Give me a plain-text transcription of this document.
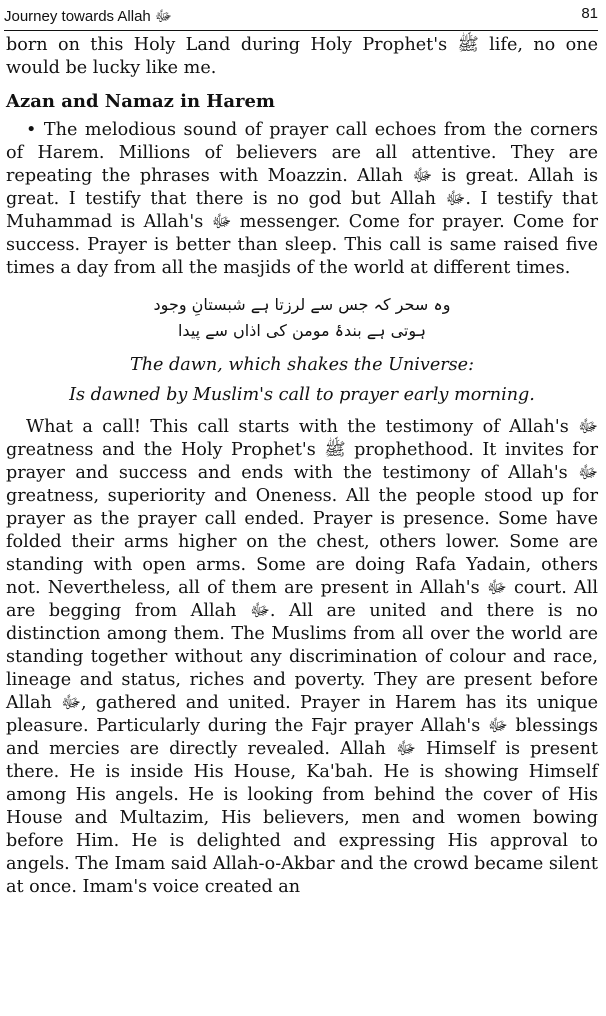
Journey towards Allah ﷻ	81

born on this Holy Land during Holy Prophet's ﷺ life, no one would be lucky like me.

Azan and Namaz in Harem

• The melodious sound of prayer call echoes from the corners of Harem. Millions of believers are all attentive. They are repeating the phrases with Moazzin. Allah ﷻ is great. Allah is great. I testify that there is no god but Allah ﷻ. I testify that Muhammad is Allah's ﷻ messenger. Come for prayer. Come for success. Prayer is better than sleep. This call is same raised five times a day from all the masjids of the world at different times.

وہ سحر کہ جس سے لرزتا ہے شبستانِ وجود
ہوتی ہے بندۂ مومن کی اذاں سے پیدا
The dawn, which shakes the Universe:
Is dawned by Muslim's call to prayer early morning.

What a call! This call starts with the testimony of Allah's ﷻ greatness and the Holy Prophet's ﷺ prophethood. It invites for prayer and success and ends with the testimony of Allah's ﷻ greatness, superiority and Oneness. All the people stood up for prayer as the prayer call ended. Prayer is presence. Some have folded their arms higher on the chest, others lower. Some are standing with open arms. Some are doing Rafa Yadain, others not. Nevertheless, all of them are present in Allah's ﷻ court. All are begging from Allah ﷻ. All are united and there is no distinction among them. The Muslims from all over the world are standing together without any discrimination of colour and race, lineage and status, riches and poverty. They are present before Allah ﷻ, gathered and united. Prayer in Harem has its unique pleasure. Particularly during the Fajr prayer Allah's ﷻ blessings and mercies are directly revealed. Allah ﷻ Himself is present there. He is inside His House, Ka'bah. He is showing Himself among His angels. He is looking from behind the cover of His House and Multazim, His believers, men and women bowing before Him. He is delighted and expressing His approval to angels. The Imam said Allah-o-Akbar and the crowd became silent at once. Imam's voice created an
